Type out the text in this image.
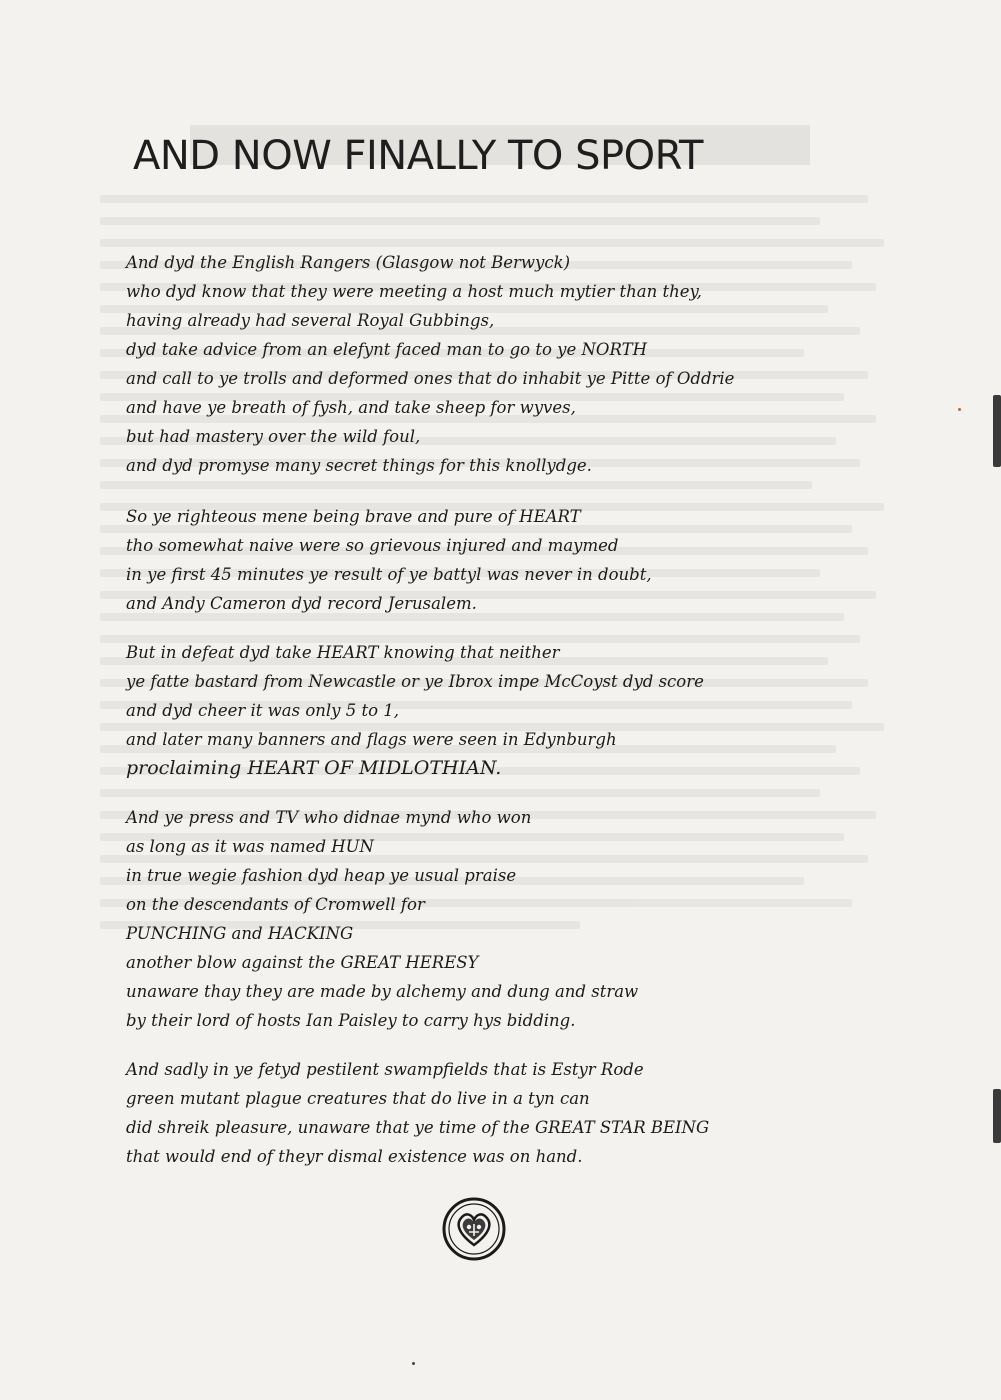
AND NOW FINALLY TO SPORT
And dyd the English Rangers (Glasgow not Berwyck)
who dyd know that they were meeting a host much mytier than they,
having already had several Royal Gubbings,
dyd take advice from an elefynt faced man to go to ye NORTH
and call to ye trolls and deformed ones that do inhabit ye Pitte of Oddrie
and have ye breath of fysh, and take sheep for wyves,
but had mastery over the wild foul,
and dyd promyse many secret things for this knollydge.
So ye righteous mene being brave and pure of HEART
tho somewhat naive were so grievous injured and maymed
in ye first 45 minutes ye result of ye battyl was never in doubt,
and Andy Cameron dyd record Jerusalem.
But in defeat dyd take HEART knowing that neither
ye fatte bastard from Newcastle or ye Ibrox impe McCoyst dyd score
and dyd cheer it was only 5 to 1,
and later many banners and flags were seen in Edynburgh
proclaiming HEART OF MIDLOTHIAN.
And ye press and TV who didnae mynd who won
as long as it was named HUN
in true wegie fashion dyd heap ye usual praise
on the descendants of Cromwell for
PUNCHING and HACKING
another blow against the GREAT HERESY
unaware thay they are made by alchemy and dung and straw
by their lord of hosts Ian Paisley to carry hys bidding.
And sadly in ye fetyd pestilent swampfields that is Estyr Rode
green mutant plague creatures that do live in a tyn can
did shreik pleasure, unaware that ye time of the GREAT STAR BEING
that would end of theyr dismal existence was on hand.
